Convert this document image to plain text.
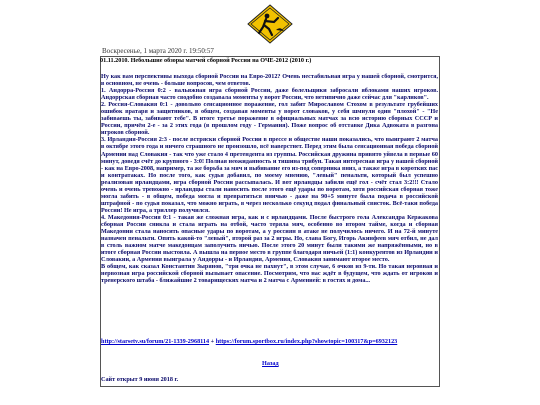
Воскресенье, 1 марта 2020 г. 19:50:57
01.11.2010. Небольшие обзоры матчей сборной России на ОЧЕ-2012 (2010 г.)

Ну как вам перспективы выхода сборной России на Евро-2012? Очень нестабильная игра у нашей сборной, смотрится, в основном, не очень - больше вопросов, чем ответов.

1. Андорра-Россия 0:2 - вальяжная игра сборной России, даже болельщики забросали яблоками наших игроков. Андоррская сборная часто сводобно создавала моменты у ворот России, что нетипично даже сейчас для "карликов".

2. Россия-Словакия 0:1 - довольно сенсационное поражение, гол забит Мирославом Стохом в результате грубейших ошибок вратаря и защитников, в общем, создавая моменты у ворот словаков, у себя шмнули один "плохой" - "Не забиваешь ты, забивают тебе". В итоге третье поражение в официальных матчах за всю историю сборных СССР и России, причём 2-е - за 2 этих года (в прошлом году - Германия). Поже вопрос об отставке Дика Адвоката в разгона игроков сборной.

3. Ирландия-Россия 2:3 - после встряски сборной России в прессе и обществе наши показались, что выиграют 2 матча в октябре этого года и ничего страшного не произошло, всё наверстнет. Перед этим была сенсационная победа сборной Армении над Словакия - так что уже стало 4 претендента из группы. Российская дружина привнто уйвела в первые 60 минут, доведя счёт до крупного - 3:0! Полная неожиданность и тишина трибун. Такая интересная игра у нашей сборной - как на Евро-2008, например, та же борьба за мяч и выбивание его из-под соперника вниз, а также игра в коротких пас и контратаках. Но после того, как судья добавил, по моему мнению, "левый" пенальти, который был успешно реализован ирландцами, игра сборной России рассыпалась. И вот ирландцы забили ещё гол - счёт стал 3:2!!! Стало очень и очень тревожно - ирландцы стали наносить после этого ещё удары по воротам, хотя российская сборная тоже могла забить - в общем, победа могла и превратиться вничью - даже на 90+5 минуте была подача в российской штрафной - по судья показал, что можно играть, в через несколько секунд подал финальный свисток. Всё-таки победа России! Не игра, а триллер получился.

4. Македония-Россия 0:1 - такая же сложная игра, как и с ирландцами. После быстрого гола Александра Кержакова сборная России сникла и стала играть на отбой, часто теряла мяч, особенно во втором тайме, когда и сборная Македонии стала наносить опасные удары по воротам, а у россиян в атаке не получилось ничего. И на 72-й минуте назначен пенальти. Опять какой-то "левый", второй раз за 2 игры. Но, слава Богу, Игорь Акинфеев мяч отбил, не дал в столь важном матче македонцам заполучить ничью. После этого 20 минут были такими же напряжёнными, но в итоге сборная России выстояла. А вышла на первое место в группе благодаря ничьей (1:1) конкурентов из Ирландии и Словакии, а Армения выиграла у Андорры - и Ирландия, Армения, Словакия занимают второе место.

В общем, как сказал Константин Зырянов, "три очка не пахнут", в этом случае, 6 очков из 9-ти. Но такая неровная и нервозная игра российской сборной вызывает опасение. Посмотрим, что нас ждёт в будущем, что ждать от игроков и тренерского штаба - ближайшие 2 товарищеских матча и 2 матча с Арменией: в гостях и дома...

http://starsetv.su/forum/21-1339-2968114 + https://forum.sportbox.ru/index.php?showtopic=100317&p=6932123
Назад
Сайт открыт 9 июня 2018 г.
